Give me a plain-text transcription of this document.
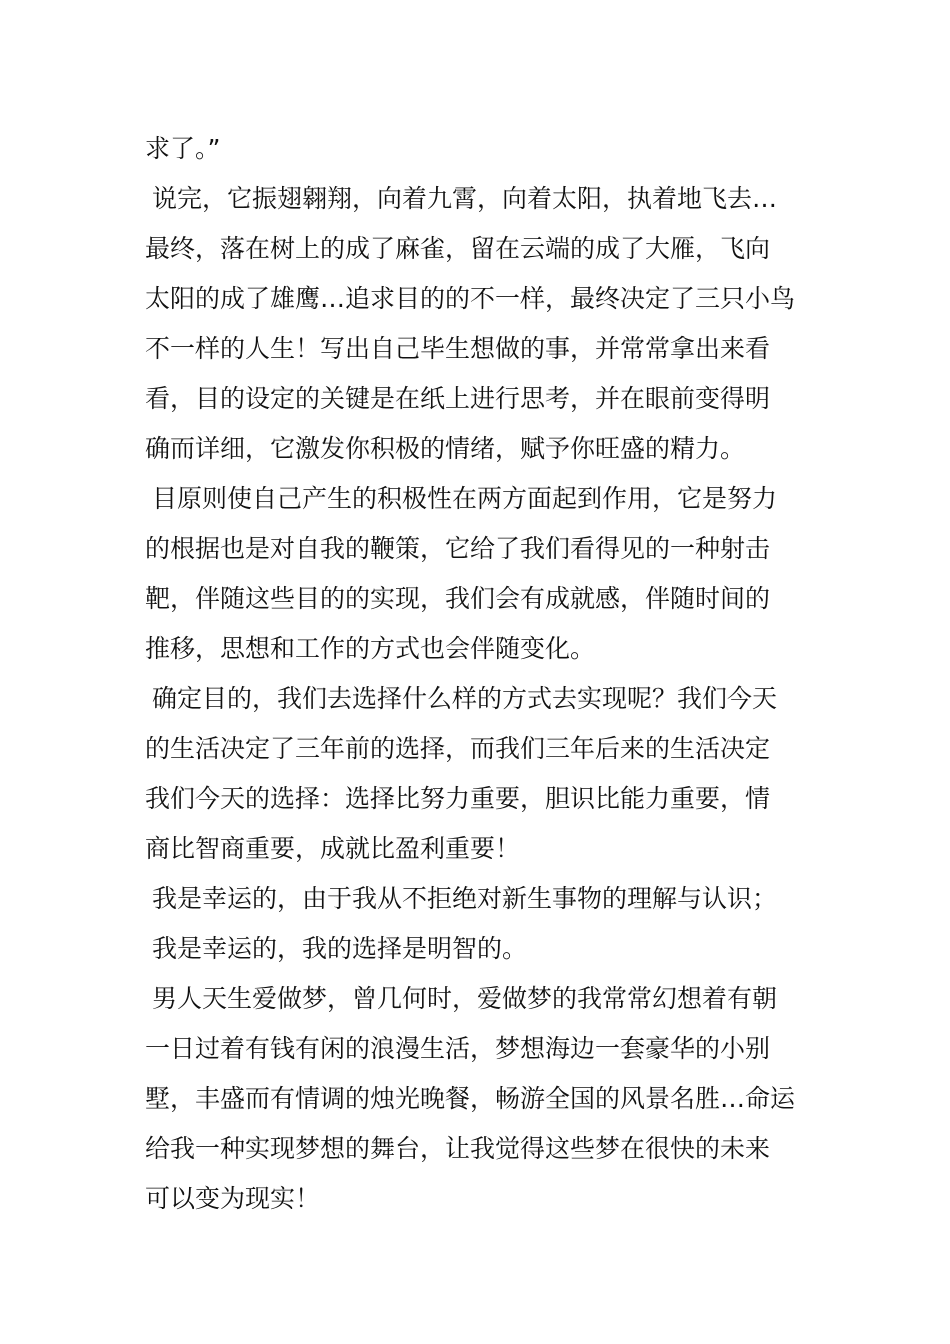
求了。”
说完，它振翅翱翔，向着九霄，向着太阳，执着地飞去…
最终，落在树上的成了麻雀，留在云端的成了大雁，飞向
太阳的成了雄鹰…追求目的的不一样，最终决定了三只小鸟
不一样的人生！写出自己毕生想做的事，并常常拿出来看
看，目的设定的关键是在纸上进行思考，并在眼前变得明
确而详细，它激发你积极的情绪，赋予你旺盛的精力。
目原则使自己产生的积极性在两方面起到作用，它是努力
的根据也是对自我的鞭策，它给了我们看得见的一种射击
靶，伴随这些目的的实现，我们会有成就感，伴随时间的
推移，思想和工作的方式也会伴随变化。
确定目的，我们去选择什么样的方式去实现呢？我们今天
的生活决定了三年前的选择，而我们三年后来的生活决定
我们今天的选择：选择比努力重要，胆识比能力重要，情
商比智商重要，成就比盈利重要！
我是幸运的，由于我从不拒绝对新生事物的理解与认识；
我是幸运的，我的选择是明智的。
男人天生爱做梦，曾几何时，爱做梦的我常常幻想着有朝
一日过着有钱有闲的浪漫生活，梦想海边一套豪华的小别
墅，丰盛而有情调的烛光晚餐，畅游全国的风景名胜…命运
给我一种实现梦想的舞台，让我觉得这些梦在很快的未来
可以变为现实！
